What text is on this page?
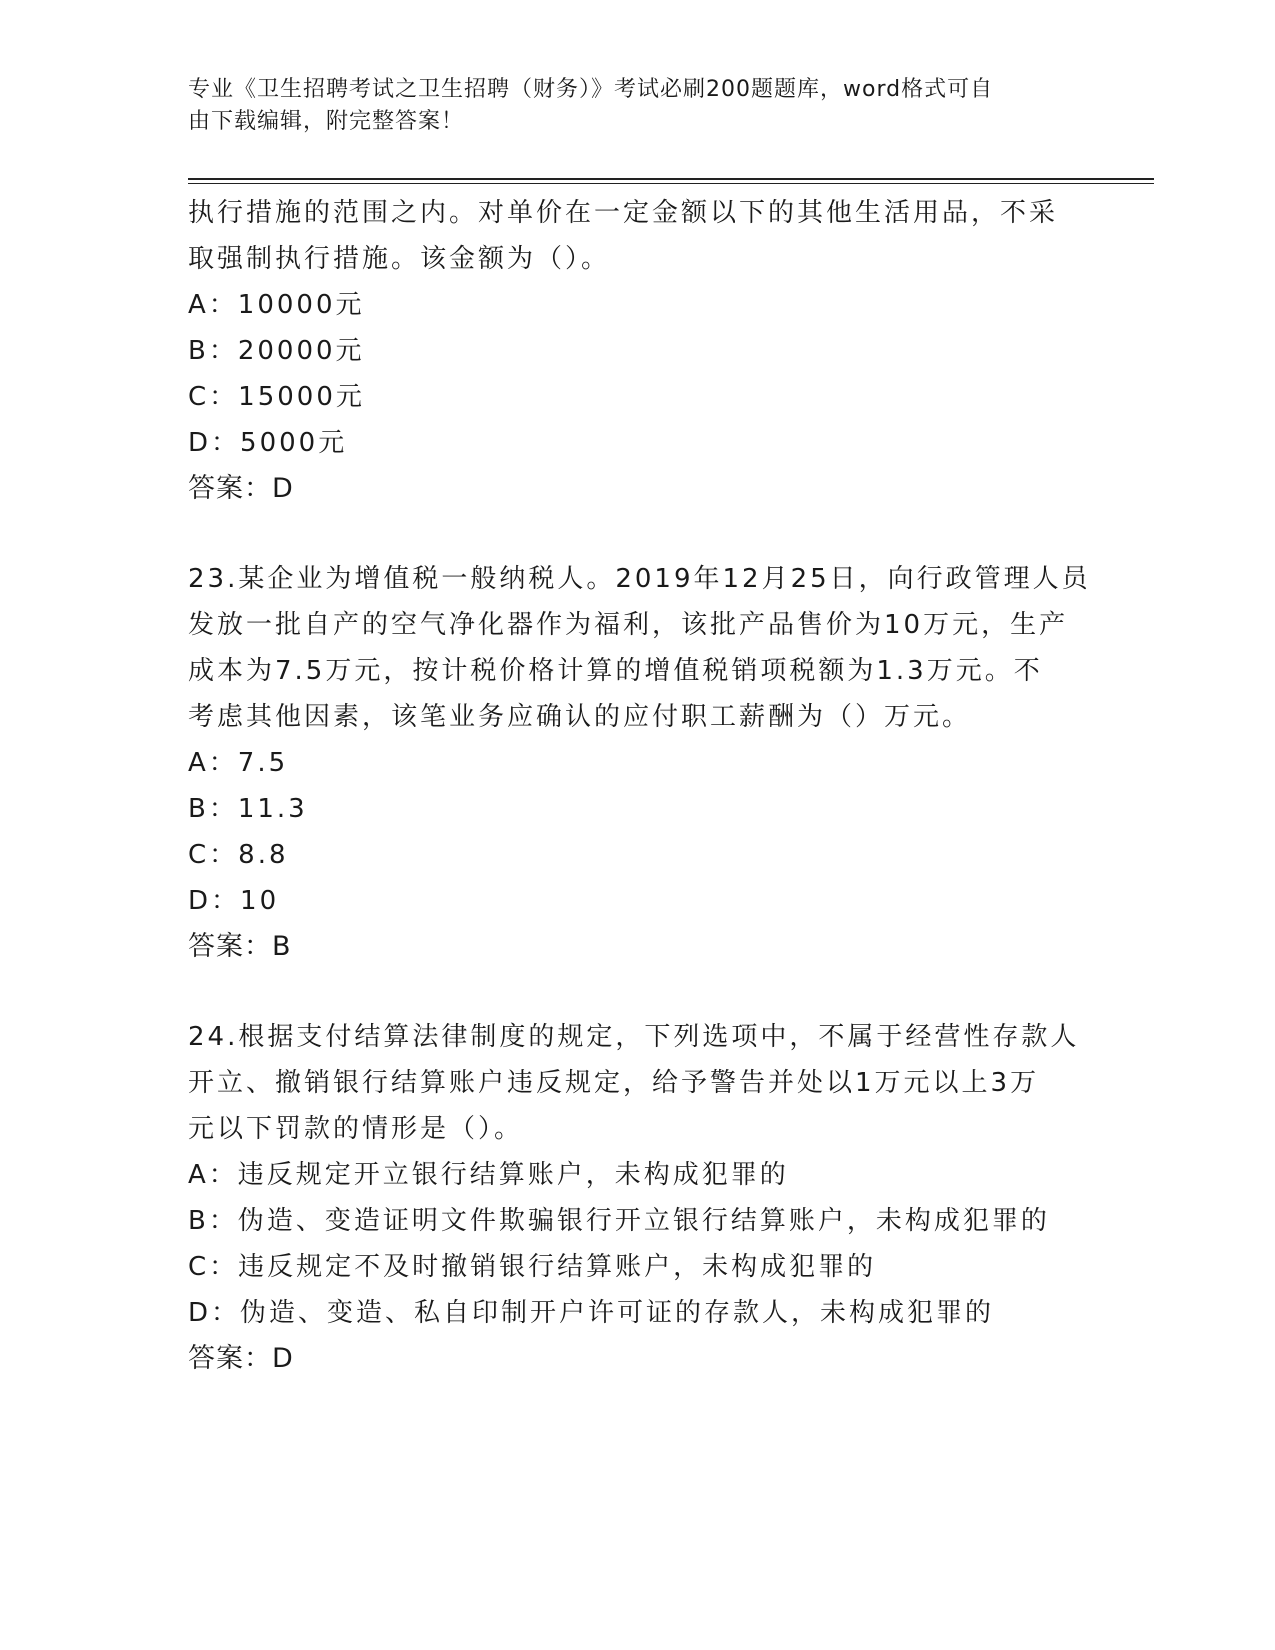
专业《卫生招聘考试之卫生招聘（财务）》考试必刷200题题库，word格式可自
由下载编辑，附完整答案！
执行措施的范围之内。对单价在一定金额以下的其他生活用品，不采
取强制执行措施。该金额为（）。
A：10000元
B：20000元
C：15000元
D：5000元
答案：D
23.某企业为增值税一般纳税人。2019年12月25日，向行政管理人员
发放一批自产的空气净化器作为福利，该批产品售价为10万元，生产
成本为7.5万元，按计税价格计算的增值税销项税额为1.3万元。不
考虑其他因素，该笔业务应确认的应付职工薪酬为（）万元。
A：7.5
B：11.3
C：8.8
D：10
答案：B
24.根据支付结算法律制度的规定，下列选项中，不属于经营性存款人
开立、撤销银行结算账户违反规定，给予警告并处以1万元以上3万
元以下罚款的情形是（）。
A：违反规定开立银行结算账户，未构成犯罪的
B：伪造、变造证明文件欺骗银行开立银行结算账户，未构成犯罪的
C：违反规定不及时撤销银行结算账户，未构成犯罪的
D：伪造、变造、私自印制开户许可证的存款人，未构成犯罪的
答案：D
